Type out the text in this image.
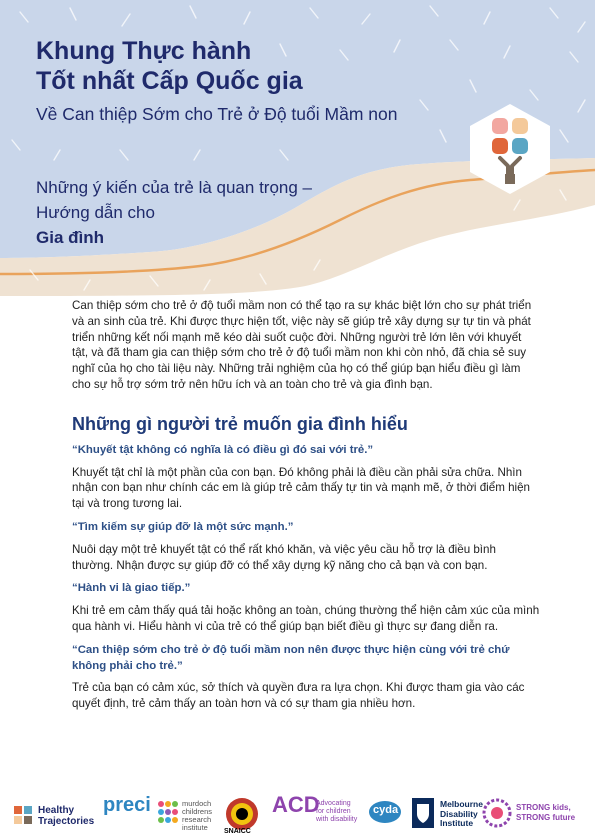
Khung Thực hành
Tốt nhất Cấp Quốc gia
Về Can thiệp Sớm cho Trẻ ở Độ tuổi Mầm non
Những ý kiến của trẻ là quan trọng –
Hướng dẫn cho
Gia đình

Can thiệp sớm cho trẻ ở độ tuổi mầm non có thể tạo ra sự khác biệt lớn cho sự phát triển và an sinh của trẻ. Khi được thực hiện tốt, việc này sẽ giúp trẻ xây dựng sự tự tin và phát triển những kết nối mạnh mẽ kéo dài suốt cuộc đời. Những người trẻ lớn lên với khuyết tật, và đã tham gia can thiệp sớm cho trẻ ở độ tuổi mầm non khi còn nhỏ, đã chia sẻ suy nghĩ của họ cho tài liệu này. Những trải nghiệm của họ có thể giúp bạn hiểu điều gì làm cho sự hỗ trợ sớm trở nên hữu ích và an toàn cho trẻ và gia đình bạn.

Những gì người trẻ muốn gia đình hiểu
“Khuyết tật không có nghĩa là có điều gì đó sai với trẻ.”

Khuyết tật chỉ là một phần của con bạn. Đó không phải là điều cần phải sửa chữa. Nhìn nhận con bạn như chính các em là giúp trẻ cảm thấy tự tin và mạnh mẽ, ở thời điểm hiện tại và trong tương lai.

“Tìm kiếm sự giúp đỡ là một sức mạnh.”

Nuôi dạy một trẻ khuyết tật có thể rất khó khăn, và việc yêu cầu hỗ trợ là điều bình thường. Nhận được sự giúp đỡ có thể xây dựng kỹ năng cho cả bạn và con bạn.

“Hành vi là giao tiếp.”

Khi trẻ em cảm thấy quá tải hoặc không an toàn, chúng thường thể hiện cảm xúc của mình qua hành vi. Hiểu hành vi của trẻ có thể giúp bạn biết điều gì thực sự đang diễn ra.

“Can thiệp sớm cho trẻ ở độ tuổi mầm non nên được thực hiện cùng với trẻ chứ không phải cho trẻ.”

Trẻ của bạn có cảm xúc, sở thích và quyền đưa ra lựa chọn. Khi được tham gia vào các quyết định, trẻ cảm thấy an toàn hơn và có sự tham gia nhiều hơn.

Healthy
Trajectories
preci	murdoch
childrens
research
institute	SNAICC
ACD
Advocating
for children
with disability
cyda	Melbourne
Disability
Institute
STRONG kids,
STRONG future
